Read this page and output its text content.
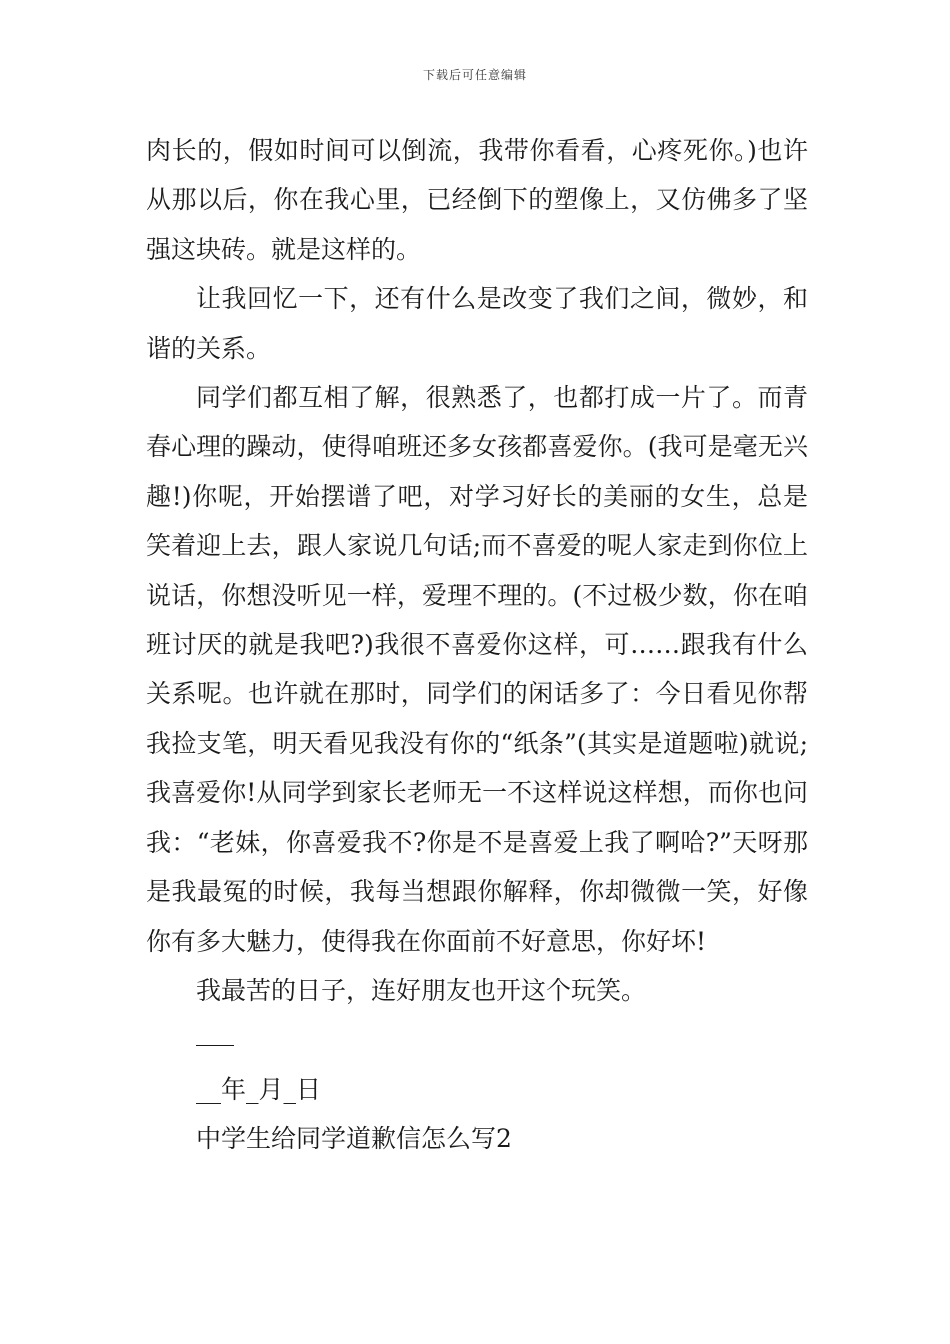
下载后可任意编辑

肉长的，假如时间可以倒流，我带你看看，心疼死你。)也许从那以后，你在我心里，已经倒下的塑像上，又仿佛多了坚强这块砖。就是这样的。

让我回忆一下，还有什么是改变了我们之间，微妙，和谐的关系。

同学们都互相了解，很熟悉了，也都打成一片了。而青春心理的躁动，使得咱班还多女孩都喜爱你。(我可是毫无兴趣!)你呢，开始摆谱了吧，对学习好长的美丽的女生，总是笑着迎上去，跟人家说几句话;而不喜爱的呢人家走到你位上说话，你想没听见一样，爱理不理的。(不过极少数，你在咱班讨厌的就是我吧?)我很不喜爱你这样，可……跟我有什么关系呢。也许就在那时，同学们的闲话多了：今日看见你帮我捡支笔，明天看见我没有你的“纸条”(其实是道题啦)就说;我喜爱你!从同学到家长老师无一不这样说这样想，而你也问我：“老妹，你喜爱我不?你是不是喜爱上我了啊哈?”天呀那是我最冤的时候，我每当想跟你解释，你却微微一笑，好像你有多大魅力，使得我在你面前不好意思，你好坏!

我最苦的日子，连好朋友也开这个玩笑。

__年_月_日

中学生给同学道歉信怎么写2
